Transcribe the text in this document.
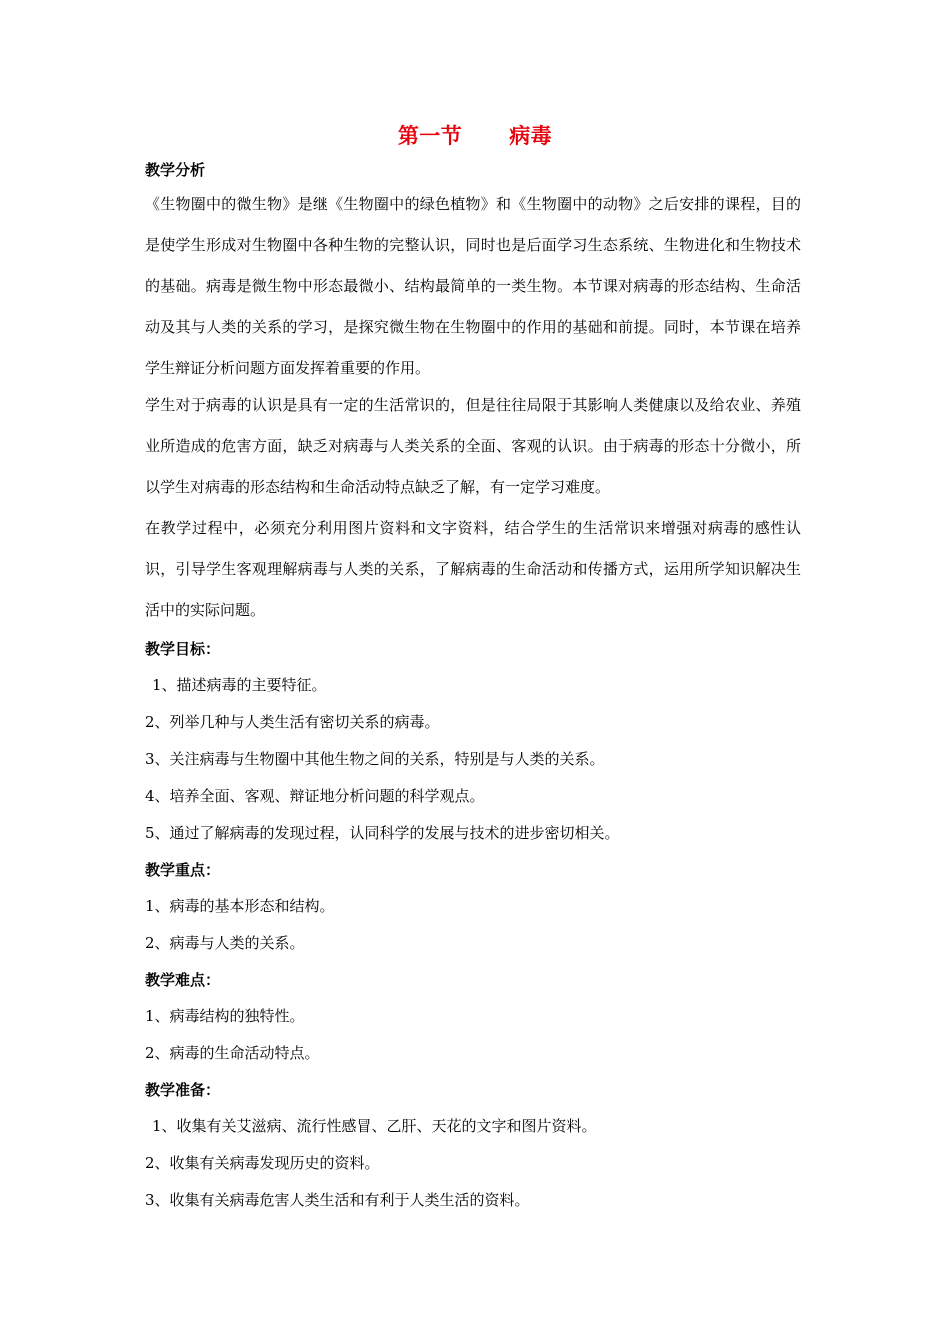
第一节 病毒

教学分析

《生物圈中的微生物》是继《生物圈中的绿色植物》和《生物圈中的动物》之后安排的课程，目的是使学生形成对生物圈中各种生物的完整认识，同时也是后面学习生态系统、生物进化和生物技术的基础。病毒是微生物中形态最微小、结构最简单的一类生物。本节课对病毒的形态结构、生命活动及其与人类的关系的学习，是探究微生物在生物圈中的作用的基础和前提。同时，本节课在培养学生辩证分析问题方面发挥着重要的作用。

学生对于病毒的认识是具有一定的生活常识的，但是往往局限于其影响人类健康以及给农业、养殖业所造成的危害方面，缺乏对病毒与人类关系的全面、客观的认识。由于病毒的形态十分微小，所以学生对病毒的形态结构和生命活动特点缺乏了解，有一定学习难度。

在教学过程中，必须充分利用图片资料和文字资料，结合学生的生活常识来增强对病毒的感性认识，引导学生客观理解病毒与人类的关系，了解病毒的生命活动和传播方式，运用所学知识解决生活中的实际问题。

教学目标：

1、描述病毒的主要特征。

2、列举几种与人类生活有密切关系的病毒。

3、关注病毒与生物圈中其他生物之间的关系，特别是与人类的关系。

4、培养全面、客观、辩证地分析问题的科学观点。

5、通过了解病毒的发现过程，认同科学的发展与技术的进步密切相关。

教学重点：

1、病毒的基本形态和结构。

2、病毒与人类的关系。

教学难点：

1、病毒结构的独特性。

2、病毒的生命活动特点。

教学准备：

1、收集有关艾滋病、流行性感冒、乙肝、天花的文字和图片资料。

2、收集有关病毒发现历史的资料。

3、收集有关病毒危害人类生活和有利于人类生活的资料。
